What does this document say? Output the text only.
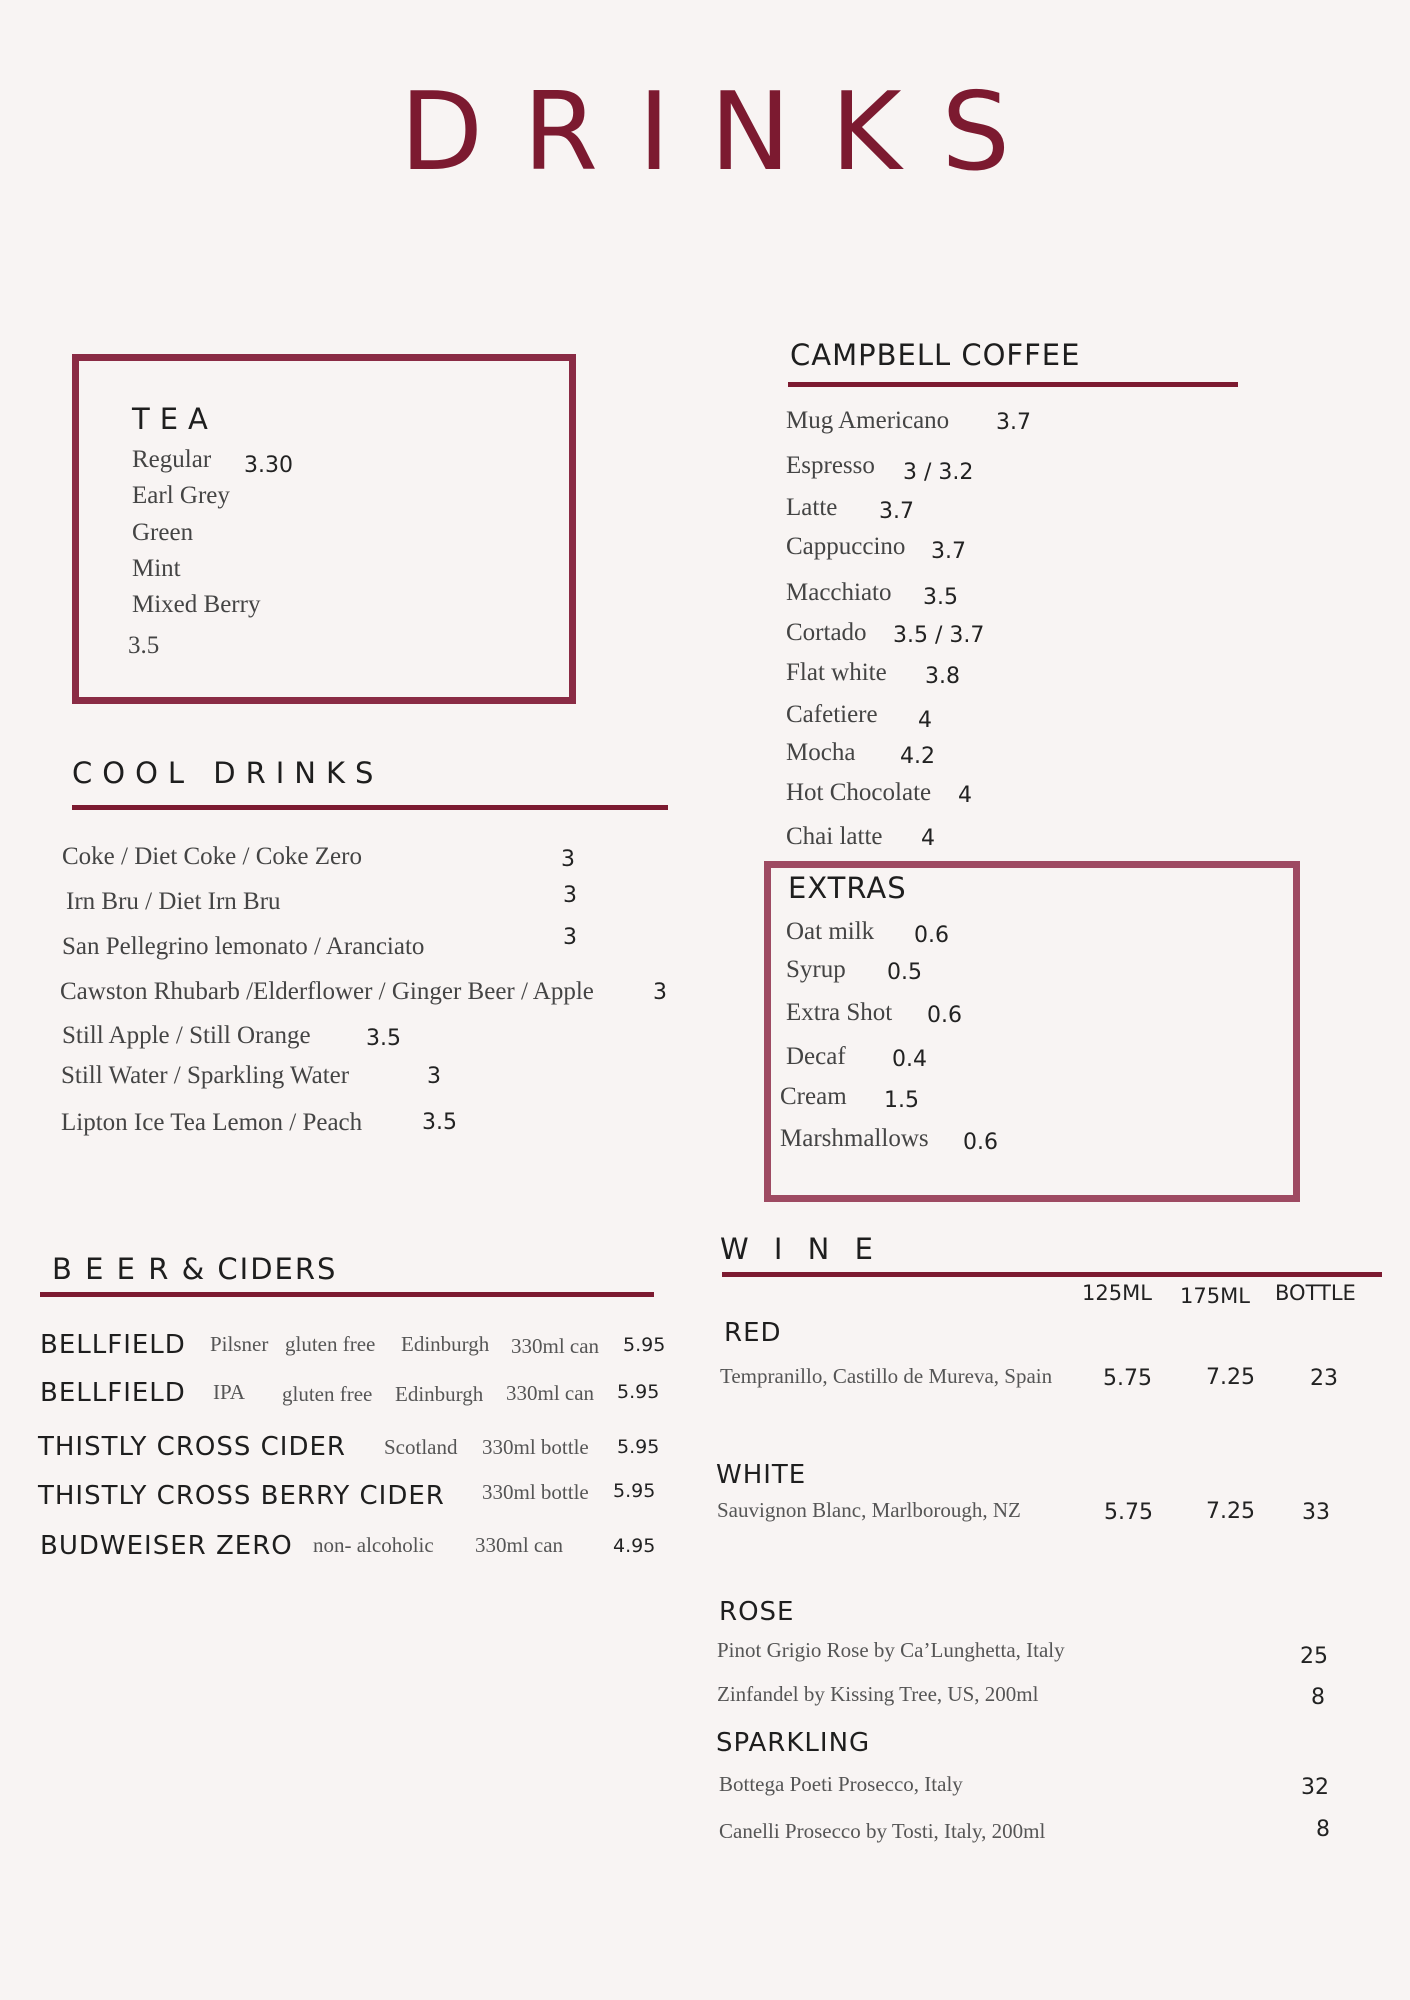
DRINKS
TEA
Regular 3.30
Earl Grey
Green
Mint
Mixed Berry
3.5
COOL DRINKS
Coke / Diet Coke / Coke Zero	3
Irn Bru / Diet Irn Bru	3
San Pellegrino lemonato / Aranciato	3
Cawston Rhubarb /Elderflower / Ginger Beer / Apple	3
Still Apple / Still Orange	3.5
Still Water / Sparkling Water	3
Lipton Ice Tea Lemon / Peach	3.5
B E E R & CIDERS
BELLFIELD Pilsner gluten free Edinburgh 330ml can 5.95
BELLFIELD IPA gluten free Edinburgh 330ml can 5.95
THISTLY CROSS CIDER Scotland 330ml bottle 5.95
THISTLY CROSS BERRY CIDER 330ml bottle 5.95
BUDWEISER ZERO non- alcoholic 330ml can	4.95
CAMPBELL COFFEE
Mug Americano 3.7
Espresso 3 / 3.2
Latte 3.7
Cappuccino 3.7
Macchiato 3.5
Cortado 3.5 / 3.7
Flat white 3.8
Cafetiere 4
Mocha 4.2
Hot Chocolate 4
Chai latte 4
EXTRAS
Oat milk 0.6
Syrup 0.5
Extra Shot 0.6
Decaf 0.4
Cream 1.5
Marshmallows 0.6
W I N E
125ML 175ML BOTTLE
RED
Tempranillo, Castillo de Mureva, Spain 5.75 7.25	23
WHITE
Sauvignon Blanc, Marlborough, NZ	5.75 7.25 33
ROSE
Pinot Grigio Rose by Ca’Lunghetta, Italy	25
Zinfandel by Kissing Tree, US, 200ml	8
SPARKLING
Bottega Poeti Prosecco, Italy	32
Canelli Prosecco by Tosti, Italy, 200ml	8
